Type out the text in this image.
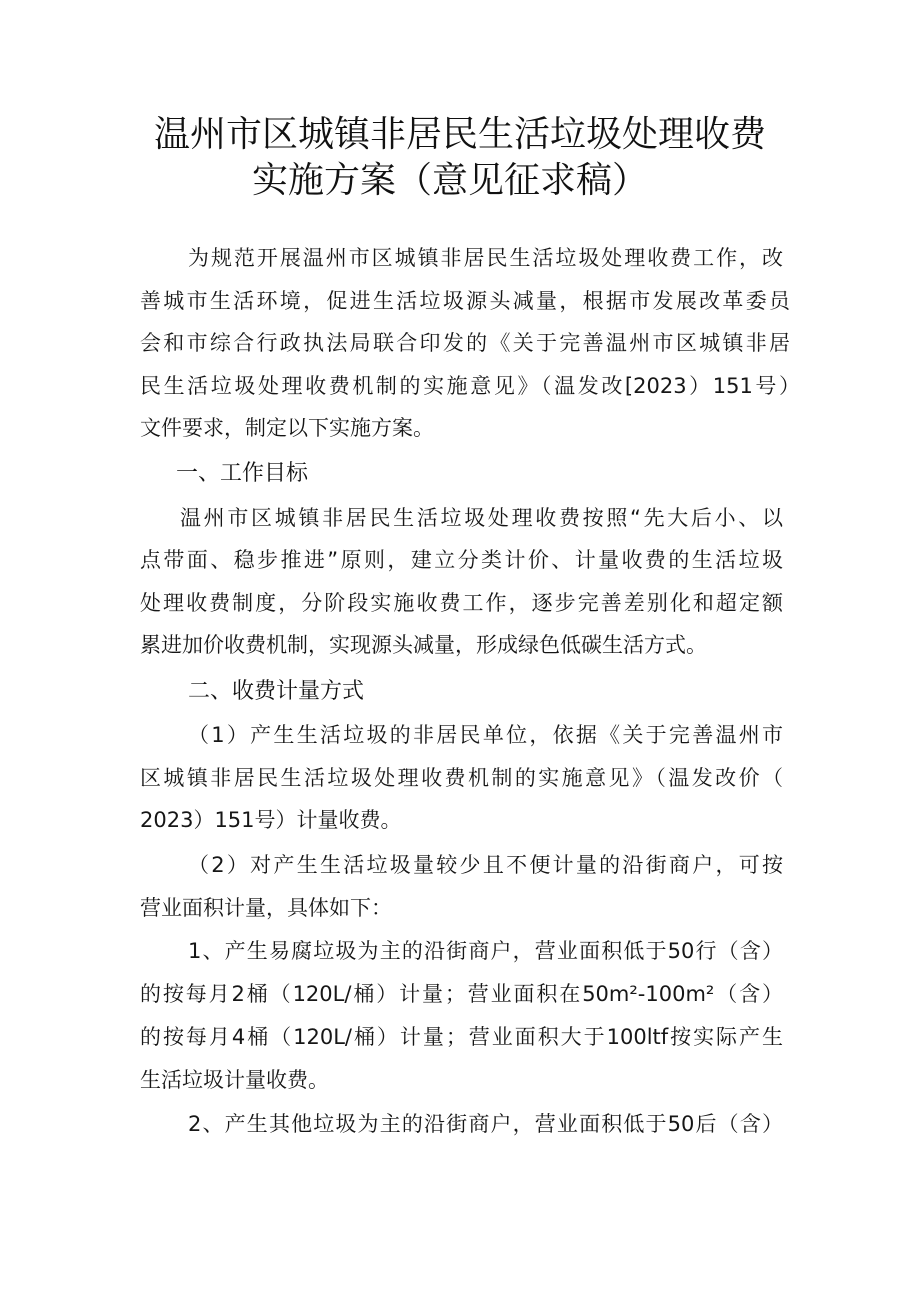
温州市区城镇非居民生活垃圾处理收费
实施方案（意见征求稿）
为规范开展温州市区城镇非居民生活垃圾处理收费工作，改
善城市生活环境，促进生活垃圾源头减量，根据市发展改革委员
会和市综合行政执法局联合印发的《关于完善温州市区城镇非居
民生活垃圾处理收费机制的实施意见》（温发改[2023）151号）
文件要求，制定以下实施方案。
一、工作目标
温州市区城镇非居民生活垃圾处理收费按照“先大后小、以
点带面、稳步推进”原则，建立分类计价、计量收费的生活垃圾
处理收费制度，分阶段实施收费工作，逐步完善差别化和超定额
累进加价收费机制，实现源头减量，形成绿色低碳生活方式。
二、收费计量方式
（1）产生生活垃圾的非居民单位，依据《关于完善温州市
区城镇非居民生活垃圾处理收费机制的实施意见》（温发改价（
2023）151号）计量收费。
（2）对产生生活垃圾量较少且不便计量的沿街商户，可按
营业面积计量，具体如下：
1、产生易腐垃圾为主的沿街商户，营业面积低于50行（含）
的按每月2桶（120L/桶）计量；营业面积在50m²-100m²（含）
的按每月4桶（120L/桶）计量；营业面积大于100ltf按实际产生
生活垃圾计量收费。
2、产生其他垃圾为主的沿街商户，营业面积低于50后（含）
